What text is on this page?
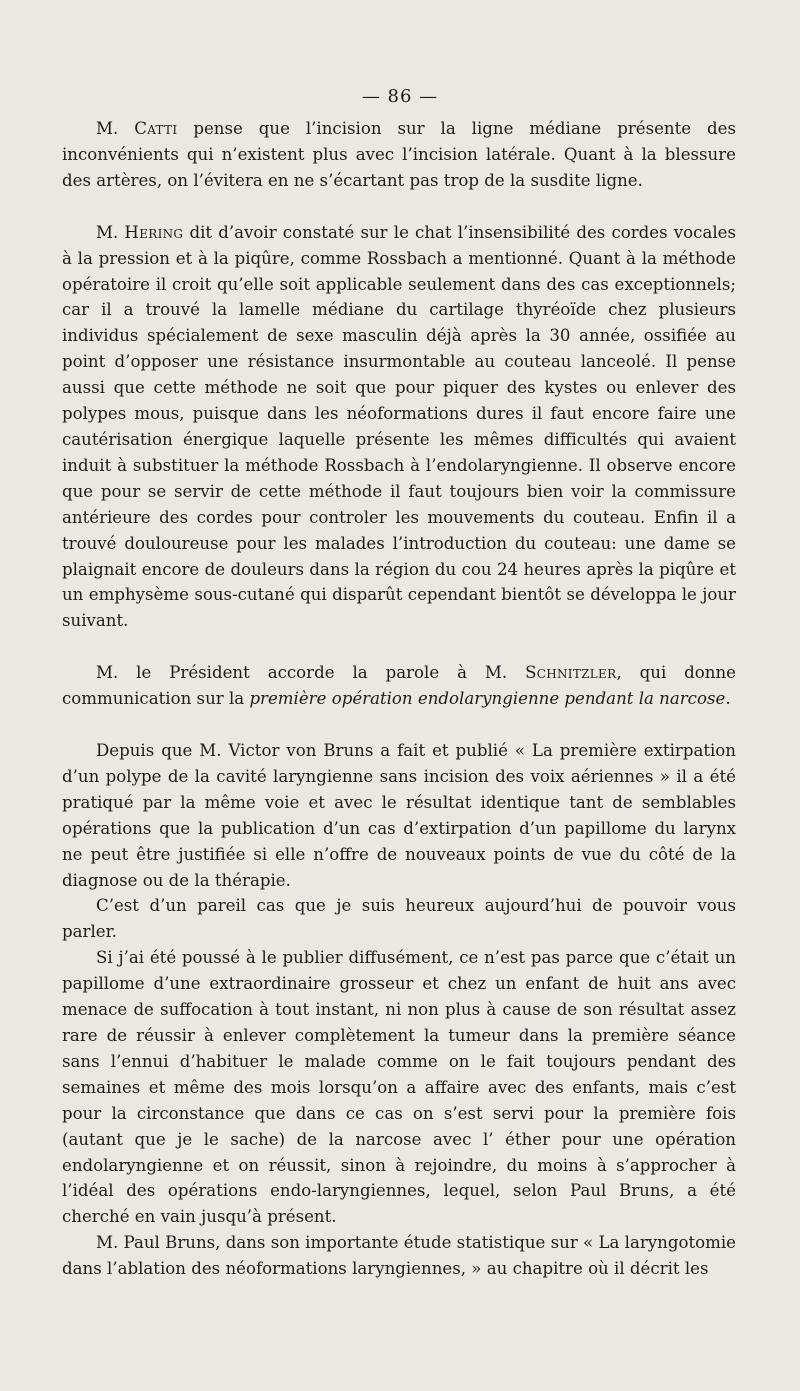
— 86 —

M. Catti pense que l’incision sur la ligne médiane présente des inconvénients qui n’existent plus avec l’incision latérale. Quant à la blessure des artères, on l’évitera en ne s’écartant pas trop de la susdite ligne.

M. Hering dit d’avoir constaté sur le chat l’insensibilité des cordes vocales à la pression et à la piqûre, comme Rossbach a mentionné. Quant à la méthode opératoire il croit qu’elle soit applicable seulement dans des cas exceptionnels; car il a trouvé la lamelle médiane du cartilage thyréoïde chez plusieurs individus spécialement de sexe masculin déjà après la 30 année, ossifiée au point d’opposer une résistance insurmontable au couteau lanceolé. Il pense aussi que cette méthode ne soit que pour piquer des kystes ou enlever des polypes mous, puisque dans les néoformations dures il faut encore faire une cautérisation énergique laquelle présente les mêmes difficultés qui avaient induit à substituer la méthode Rossbach à l’endolaryngienne. Il observe encore que pour se servir de cette méthode il faut toujours bien voir la commissure antérieure des cordes pour controler les mouvements du couteau. Enfin il a trouvé douloureuse pour les malades l’introduction du couteau: une dame se plaignait encore de douleurs dans la région du cou 24 heures après la piqûre et un emphysème sous-cutané qui disparût cependant bientôt se développa le jour suivant.

M. le Président accorde la parole à M. Schnitzler, qui donne communication sur la première opération endolaryngienne pendant la narcose.

Depuis que M. Victor von Bruns a fait et publié « La première extirpation d’un polype de la cavité laryngienne sans incision des voix aériennes » il a été pratiqué par la même voie et avec le résultat identique tant de semblables opérations que la publication d’un cas d’extirpation d’un papillome du larynx ne peut être justifiée si elle n’offre de nouveaux points de vue du côté de la diagnose ou de la thérapie.

C’est d’un pareil cas que je suis heureux aujourd’hui de pouvoir vous parler.

Si j’ai été poussé à le publier diffusément, ce n’est pas parce que c’était un papillome d’une extraordinaire grosseur et chez un enfant de huit ans avec menace de suffocation à tout instant, ni non plus à cause de son résultat assez rare de réussir à enlever complètement la tumeur dans la première séance sans l’ennui d’habituer le malade comme on le fait toujours pendant des semaines et même des mois lorsqu’on a affaire avec des enfants, mais c’est pour la circonstance que dans ce cas on s’est servi pour la première fois (autant que je le sache) de la narcose avec l’ éther pour une opération endolaryngienne et on réussit, sinon à rejoindre, du moins à s’approcher à l’idéal des opérations endo-laryngiennes, lequel, selon Paul Bruns, a été cherché en vain jusqu’à présent.

M. Paul Bruns, dans son importante étude statistique sur « La laryngotomie dans l’ablation des néoformations laryngiennes, » au chapitre où il décrit les
